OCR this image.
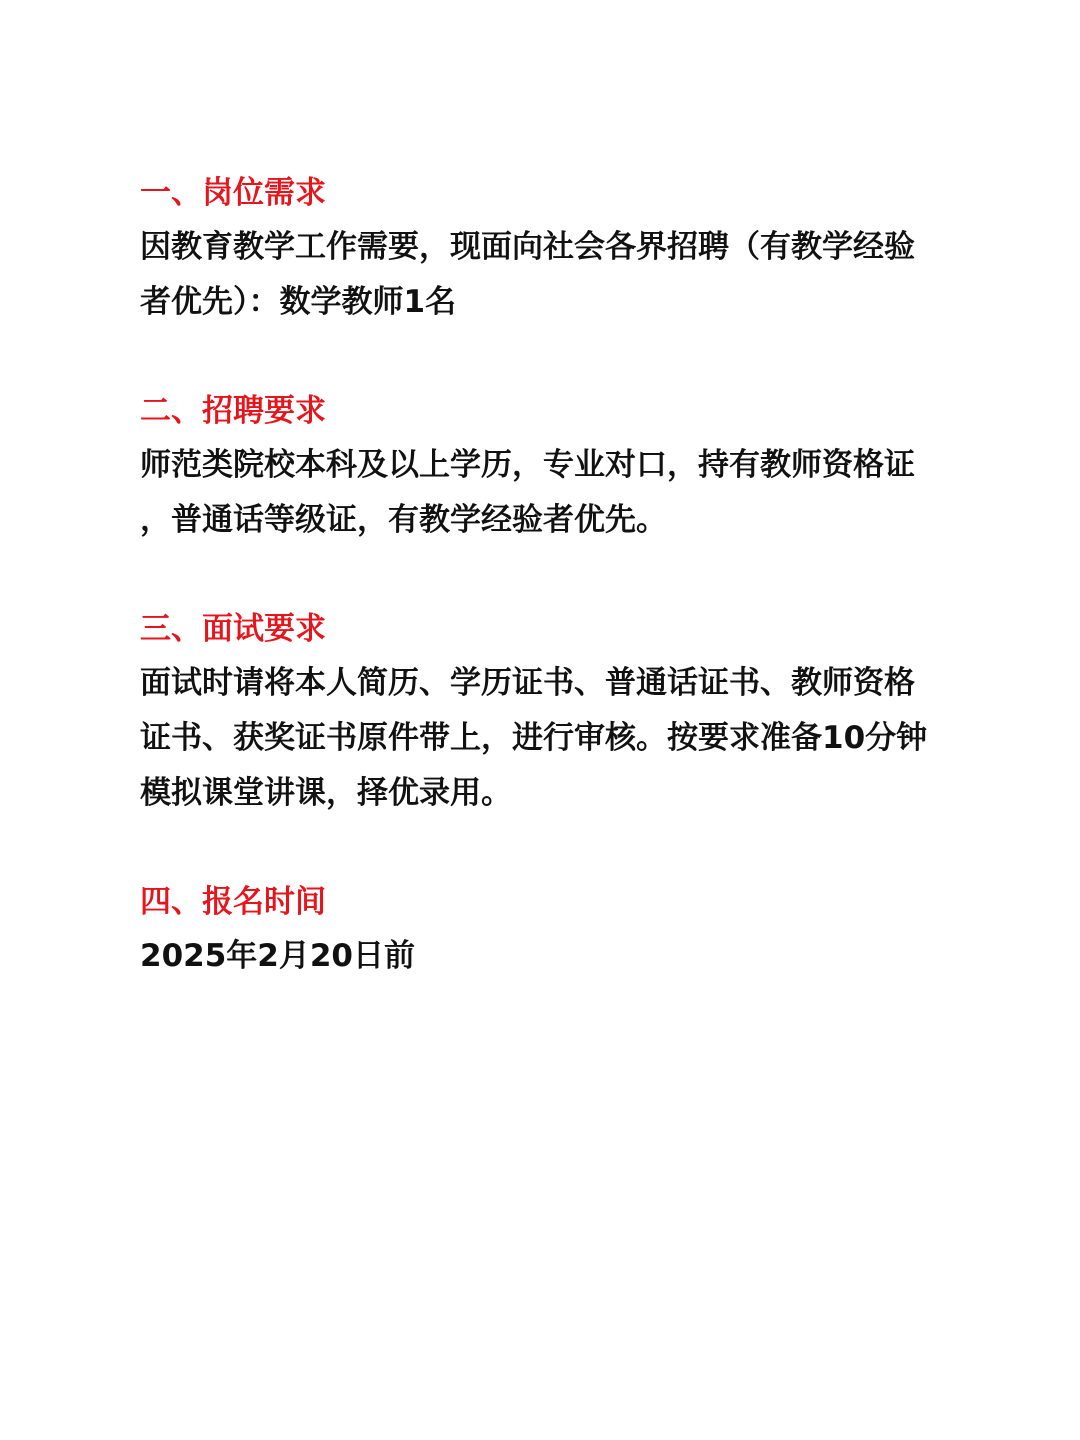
一、岗位需求
因教育教学工作需要，现面向社会各界招聘（有教学经验
者优先）：数学教师1名
二、招聘要求
师范类院校本科及以上学历，专业对口，持有教师资格证
，普通话等级证，有教学经验者优先。
三、面试要求
面试时请将本人简历、学历证书、普通话证书、教师资格
证书、获奖证书原件带上，进行审核。按要求准备10分钟
模拟课堂讲课，择优录用。
四、报名时间
2025年2月20日前
